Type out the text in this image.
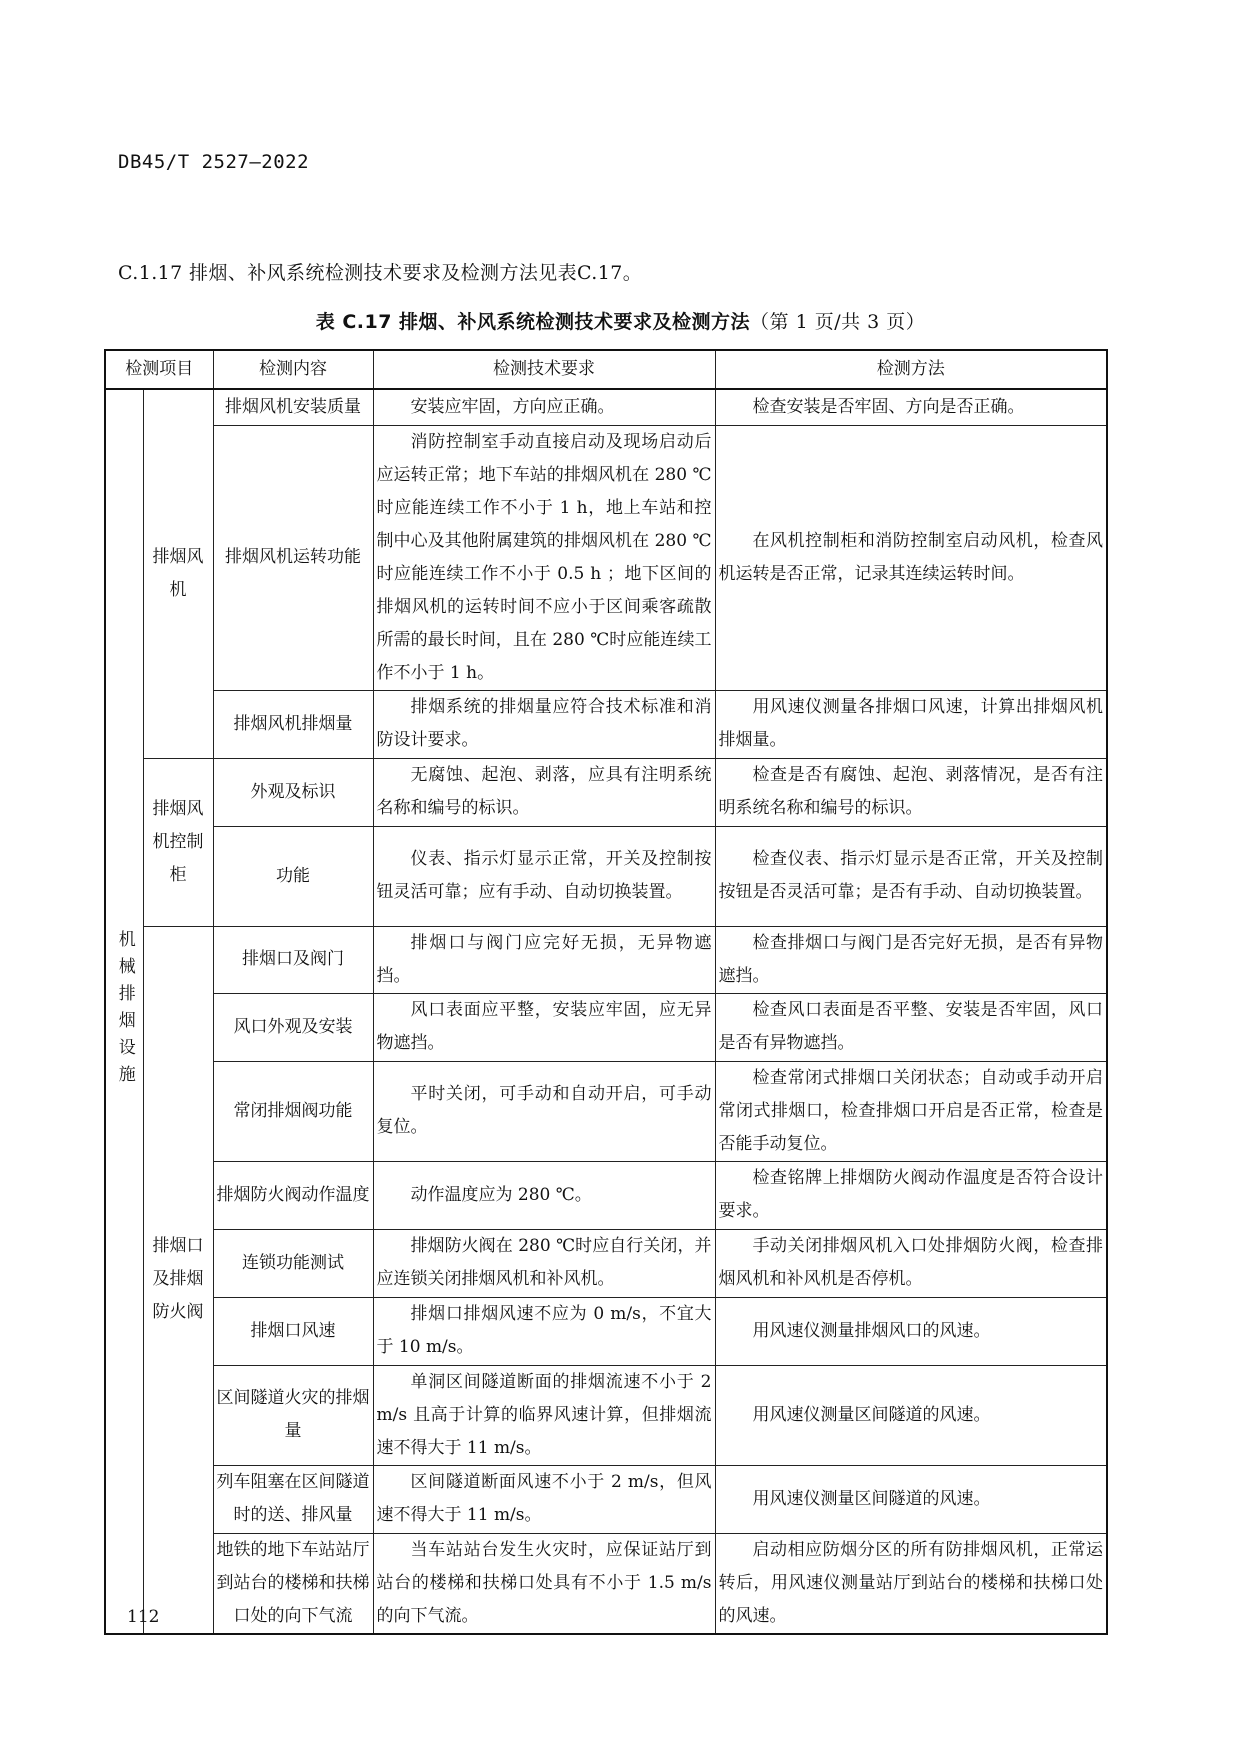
DB45/T 2527—2022
C.1.17 排烟、补风系统检测技术要求及检测方法见表C.17。
表 C.17 排烟、补风系统检测技术要求及检测方法（第 1 页/共 3 页）
检测项目		检测内容	检测技术要求	检测方法
机械排烟设施	排烟风机	排烟风机安装质量	安装应牢固，方向应正确。	检查安装是否牢固、方向是否正确。
		排烟风机运转功能	消防控制室手动直接启动及现场启动后应运转正常；地下车站的排烟风机在 280 ℃时应能连续工作不小于 1 h，地上车站和控制中心及其他附属建筑的排烟风机在 280 ℃时应能连续工作不小于 0.5 h ；地下区间的排烟风机的运转时间不应小于区间乘客疏散所需的最长时间，且在 280 ℃时应能连续工作不小于 1 h。	在风机控制柜和消防控制室启动风机，检查风机运转是否正常，记录其连续运转时间。
		排烟风机排烟量	排烟系统的排烟量应符合技术标准和消防设计要求。	用风速仪测量各排烟口风速，计算出排烟风机排烟量。
	排烟风机控制柜	外观及标识	无腐蚀、起泡、剥落，应具有注明系统名称和编号的标识。	检查是否有腐蚀、起泡、剥落情况，是否有注明系统名称和编号的标识。
		功能	仪表、指示灯显示正常，开关及控制按钮灵活可靠；应有手动、自动切换装置。	检查仪表、指示灯显示是否正常，开关及控制按钮是否灵活可靠；是否有手动、自动切换装置。
	排烟口及排烟防火阀	排烟口及阀门	排烟口与阀门应完好无损，无异物遮挡。	检查排烟口与阀门是否完好无损，是否有异物遮挡。
		风口外观及安装	风口表面应平整，安装应牢固，应无异物遮挡。	检查风口表面是否平整、安装是否牢固，风口是否有异物遮挡。
		常闭排烟阀功能	平时关闭，可手动和自动开启，可手动复位。	检查常闭式排烟口关闭状态；自动或手动开启常闭式排烟口，检查排烟口开启是否正常，检查是否能手动复位。
		排烟防火阀动作温度	动作温度应为 280 ℃。	检查铭牌上排烟防火阀动作温度是否符合设计要求。
		连锁功能测试	排烟防火阀在 280 ℃时应自行关闭，并应连锁关闭排烟风机和补风机。	手动关闭排烟风机入口处排烟防火阀，检查排烟风机和补风机是否停机。
		排烟口风速	排烟口排烟风速不应为 0 m/s，不宜大于 10 m/s。	用风速仪测量排烟风口的风速。
		区间隧道火灾的排烟量	单洞区间隧道断面的排烟流速不小于 2 m/s 且高于计算的临界风速计算，但排烟流速不得大于 11 m/s。	用风速仪测量区间隧道的风速。
		列车阻塞在区间隧道时的送、排风量	区间隧道断面风速不小于 2 m/s，但风速不得大于 11 m/s。	用风速仪测量区间隧道的风速。
		地铁的地下车站站厅到站台的楼梯和扶梯口处的向下气流	当车站站台发生火灾时，应保证站厅到站台的楼梯和扶梯口处具有不小于 1.5 m/s 的向下气流。	启动相应防烟分区的所有防排烟风机，正常运转后，用风速仪测量站厅到站台的楼梯和扶梯口处的风速。
112
